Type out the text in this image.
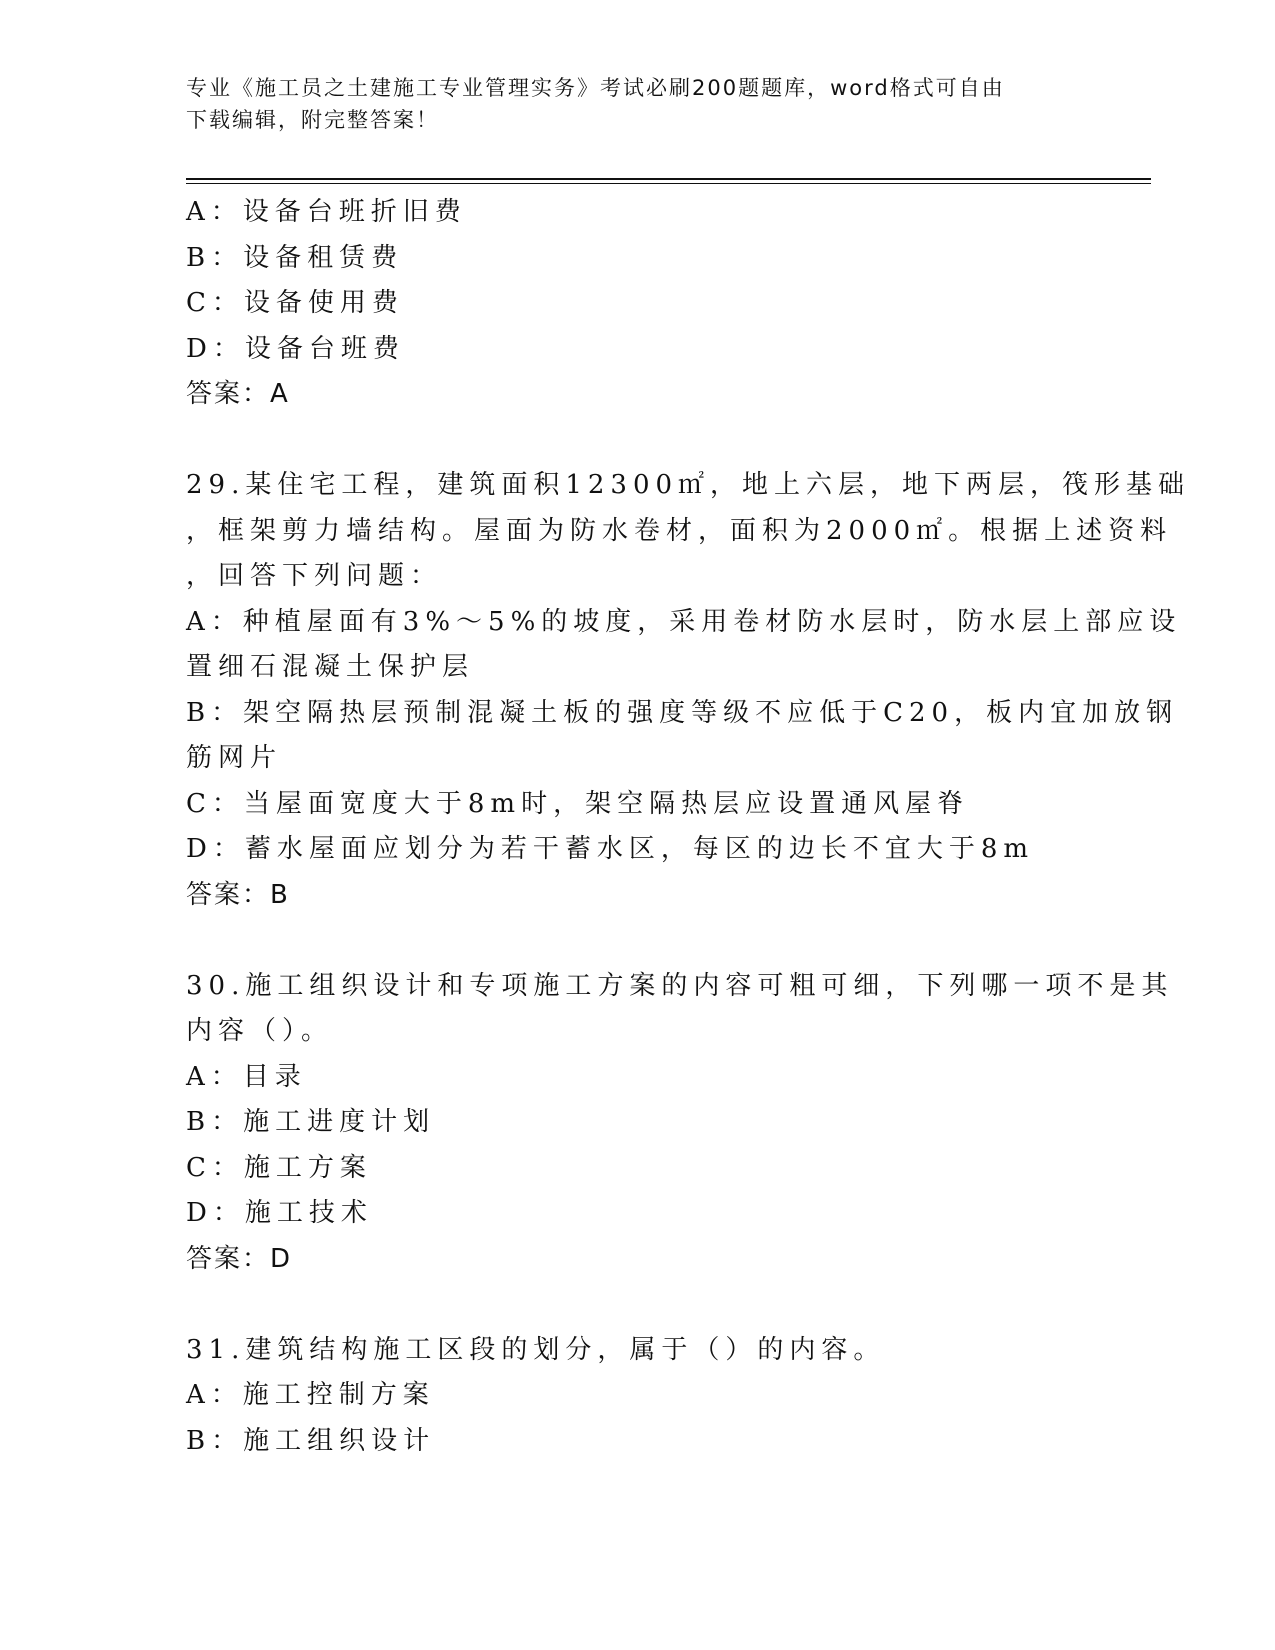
专业《施工员之土建施工专业管理实务》考试必刷200题题库，word格式可自由
下载编辑，附完整答案！
A：设备台班折旧费
B：设备租赁费
C：设备使用费
D：设备台班费
答案：A
29.某住宅工程，建筑面积12300㎡，地上六层，地下两层，筏形基础
，框架剪力墙结构。屋面为防水卷材，面积为2000㎡。根据上述资料
，回答下列问题：
A：种植屋面有3%～5%的坡度，采用卷材防水层时，防水层上部应设
置细石混凝土保护层
B：架空隔热层预制混凝土板的强度等级不应低于C20，板内宜加放钢
筋网片
C：当屋面宽度大于8m时，架空隔热层应设置通风屋脊
D：蓄水屋面应划分为若干蓄水区，每区的边长不宜大于8m
答案：B
30.施工组织设计和专项施工方案的内容可粗可细，下列哪一项不是其
内容（）。
A：目录
B：施工进度计划
C：施工方案
D：施工技术
答案：D
31.建筑结构施工区段的划分，属于（）的内容。
A：施工控制方案
B：施工组织设计
